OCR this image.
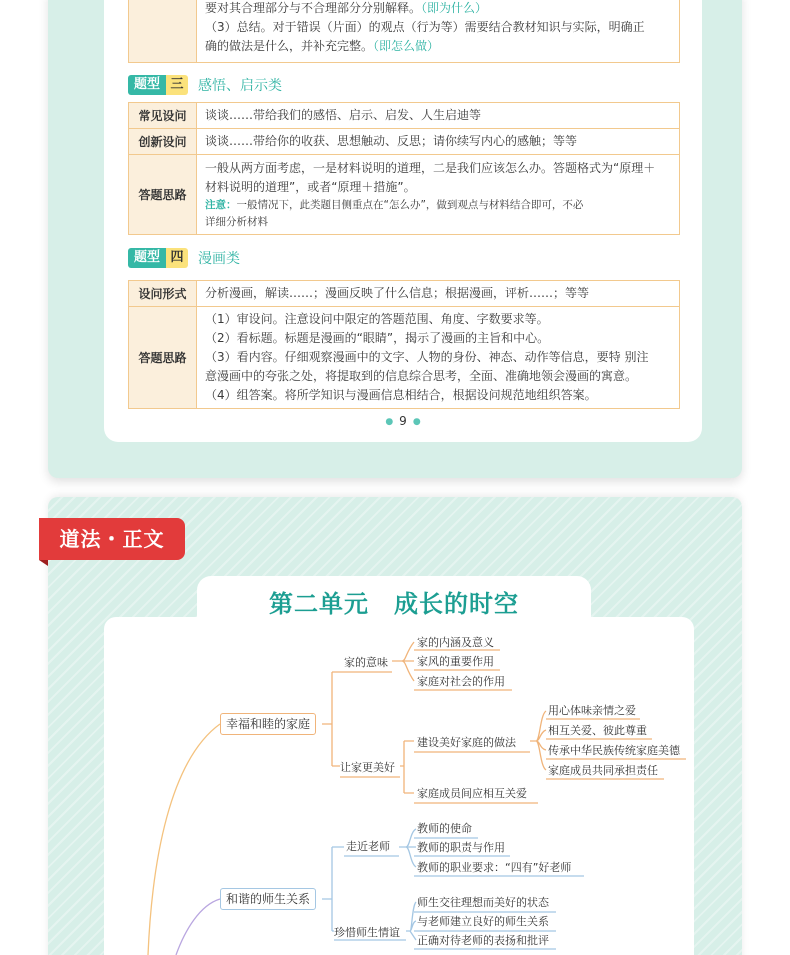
要对其合理部分与不合理部分分别解释。（即为什么）
（3）总结。对于错误（片面）的观点（行为等）需要结合教材知识与实际，明确正
确的做法是什么，并补充完整。（即怎么做）
题型 三	感悟、启示类
常见设问	谈谈……带给我们的感悟、启示、启发、人生启迪等
创新设问	谈谈……带给你的收获、思想触动、反思；请你续写内心的感触；等等
答题思路	一般从两方面考虑，一是材料说明的道理，二是我们应该怎么办。答题格式为“原理＋
材料说明的道理”，或者“原理＋措施”。
注意：一般情况下，此类题目侧重点在“怎么办”，做到观点与材料结合即可，不必
详细分析材料
题型 四	漫画类
设问形式	分析漫画，解读……；漫画反映了什么信息；根据漫画，评析……；等等
答题思路	（1）审设问。注意设问中限定的答题范围、角度、字数要求等。
（2）看标题。标题是漫画的“眼睛”，揭示了漫画的主旨和中心。
（3）看内容。仔细观察漫画中的文字、人物的身份、神态、动作等信息，要特 别注
意漫画中的夸张之处，将提取到的信息综合思考，全面、准确地领会漫画的寓意。
（4）组答案。将所学知识与漫画信息相结合，根据设问规范地组织答案。
● 9 ●
第二单元　成长的时空
道法・正文
幸福和睦的家庭
家的意味
家的内涵及意义
家风的重要作用
家庭对社会的作用
让家更美好
建设美好家庭的做法
用心体味亲情之爱
相互关爱、彼此尊重
传承中华民族传统家庭美德
家庭成员共同承担责任
家庭成员间应相互关爱
和谐的师生关系
走近老师
教师的使命
教师的职责与作用
教师的职业要求：“四有”好老师
珍惜师生情谊
师生交往理想而美好的状态
与老师建立良好的师生关系
正确对待老师的表扬和批评
